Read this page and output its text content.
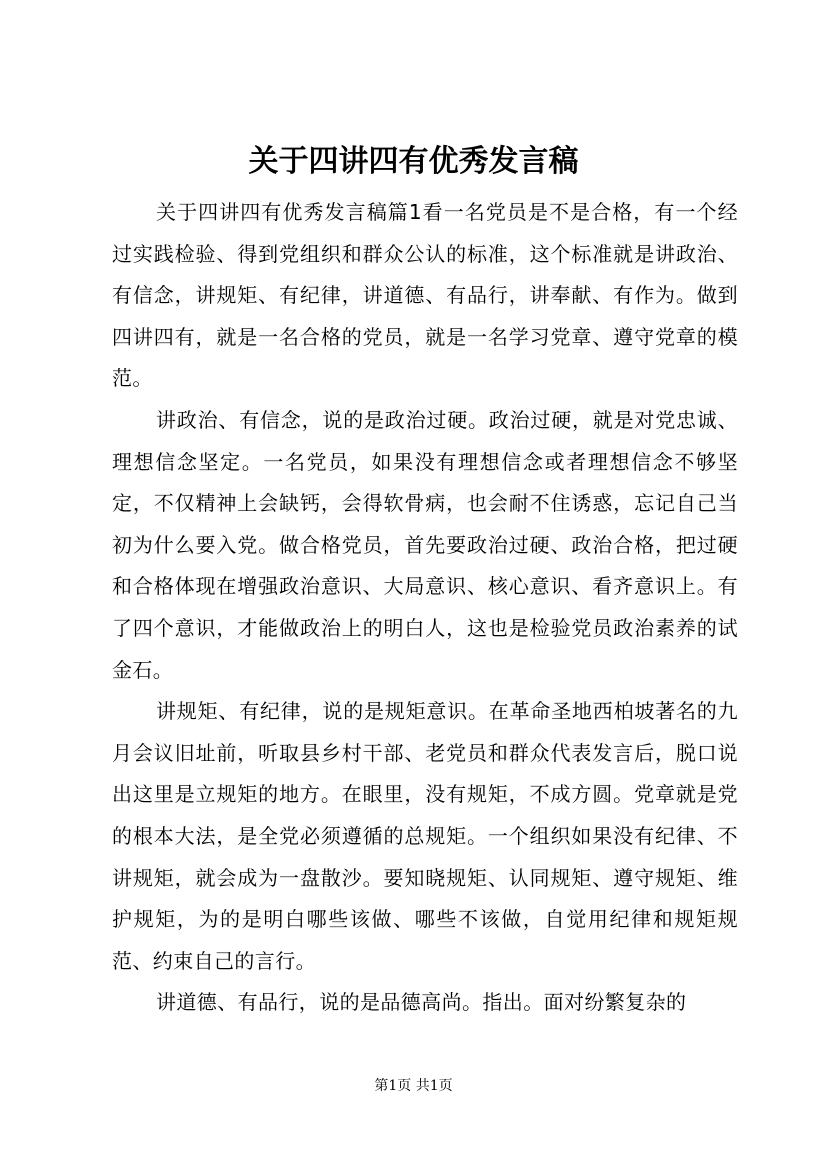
关于四讲四有优秀发言稿

关于四讲四有优秀发言稿篇1看一名党员是不是合格，有一个经过实践检验、得到党组织和群众公认的标准，这个标准就是讲政治、有信念，讲规矩、有纪律，讲道德、有品行，讲奉献、有作为。做到四讲四有，就是一名合格的党员，就是一名学习党章、遵守党章的模范。

讲政治、有信念，说的是政治过硬。政治过硬，就是对党忠诚、理想信念坚定。一名党员，如果没有理想信念或者理想信念不够坚定，不仅精神上会缺钙，会得软骨病，也会耐不住诱惑，忘记自己当初为什么要入党。做合格党员，首先要政治过硬、政治合格，把过硬和合格体现在增强政治意识、大局意识、核心意识、看齐意识上。有了四个意识，才能做政治上的明白人，这也是检验党员政治素养的试金石。

讲规矩、有纪律，说的是规矩意识。在革命圣地西柏坡著名的九月会议旧址前，听取县乡村干部、老党员和群众代表发言后，脱口说出这里是立规矩的地方。在眼里，没有规矩，不成方圆。党章就是党的根本大法，是全党必须遵循的总规矩。一个组织如果没有纪律、不讲规矩，就会成为一盘散沙。要知晓规矩、认同规矩、遵守规矩、维护规矩，为的是明白哪些该做、哪些不该做，自觉用纪律和规矩规范、约束自己的言行。

讲道德、有品行，说的是品德高尚。指出。面对纷繁复杂的

第1页 共1页
